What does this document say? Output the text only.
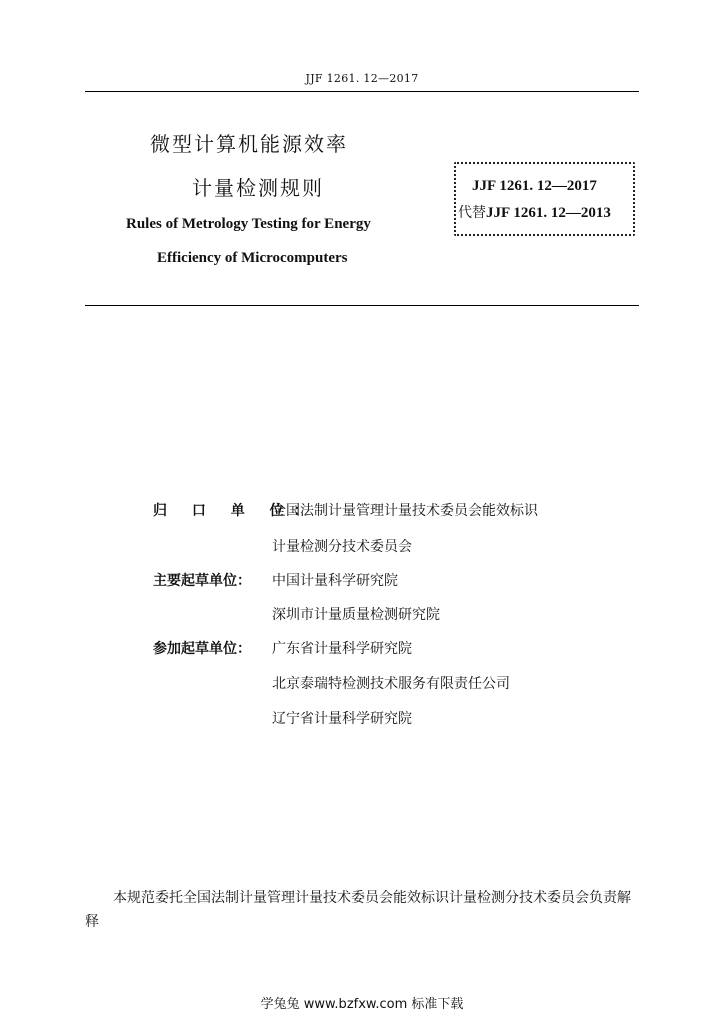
JJF 1261. 12—2017
微型计算机能源效率
计量检测规则
Rules of Metrology Testing for Energy
Efficiency of Microcomputers
JJF 1261. 12—2017
代替JJF 1261. 12—2013
归 口 单 位：
全国法制计量管理计量技术委员会能效标识
计量检测分技术委员会
主要起草单位： 中国计量科学研究院
深圳市计量质量检测研究院
参加起草单位： 广东省计量科学研究院
北京泰瑞特检测技术服务有限责任公司
辽宁省计量科学研究院
本规范委托全国法制计量管理计量技术委员会能效标识计量检测分技术委员会负责解释
学兔兔 www.bzfxw.com 标准下载
